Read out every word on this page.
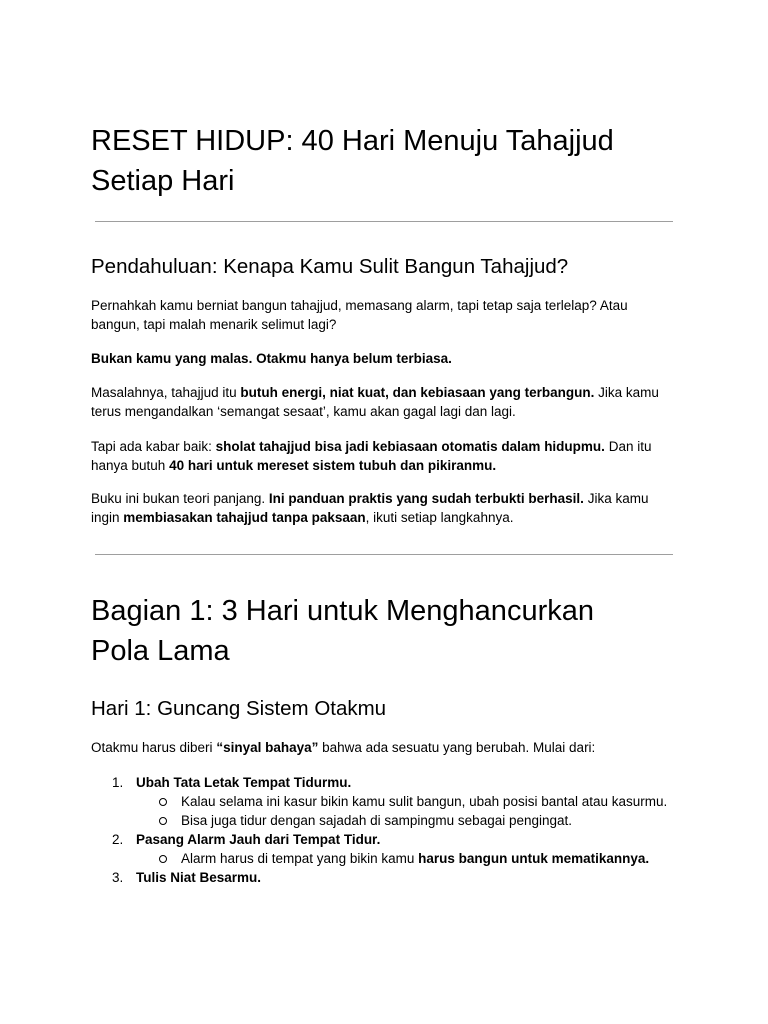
RESET HIDUP: 40 Hari Menuju Tahajjud
Setiap Hari
Pendahuluan: Kenapa Kamu Sulit Bangun Tahajjud?

Pernahkah kamu berniat bangun tahajjud, memasang alarm, tapi tetap saja terlelap? Atau
bangun, tapi malah menarik selimut lagi?

Bukan kamu yang malas. Otakmu hanya belum terbiasa.

Masalahnya, tahajjud itu butuh energi, niat kuat, dan kebiasaan yang terbangun. Jika kamu
terus mengandalkan ‘semangat sesaat’, kamu akan gagal lagi dan lagi.

Tapi ada kabar baik: sholat tahajjud bisa jadi kebiasaan otomatis dalam hidupmu. Dan itu
hanya butuh 40 hari untuk mereset sistem tubuh dan pikiranmu.

Buku ini bukan teori panjang. Ini panduan praktis yang sudah terbukti berhasil. Jika kamu
ingin membiasakan tahajjud tanpa paksaan, ikuti setiap langkahnya.

Bagian 1: 3 Hari untuk Menghancurkan
Pola Lama
Hari 1: Guncang Sistem Otakmu

Otakmu harus diberi “sinyal bahaya” bahwa ada sesuatu yang berubah. Mulai dari:

1. Ubah Tata Letak Tempat Tidurmu.
Kalau selama ini kasur bikin kamu sulit bangun, ubah posisi bantal atau kasurmu.
Bisa juga tidur dengan sajadah di sampingmu sebagai pengingat.
2. Pasang Alarm Jauh dari Tempat Tidur.
Alarm harus di tempat yang bikin kamu harus bangun untuk mematikannya.
3. Tulis Niat Besarmu.
